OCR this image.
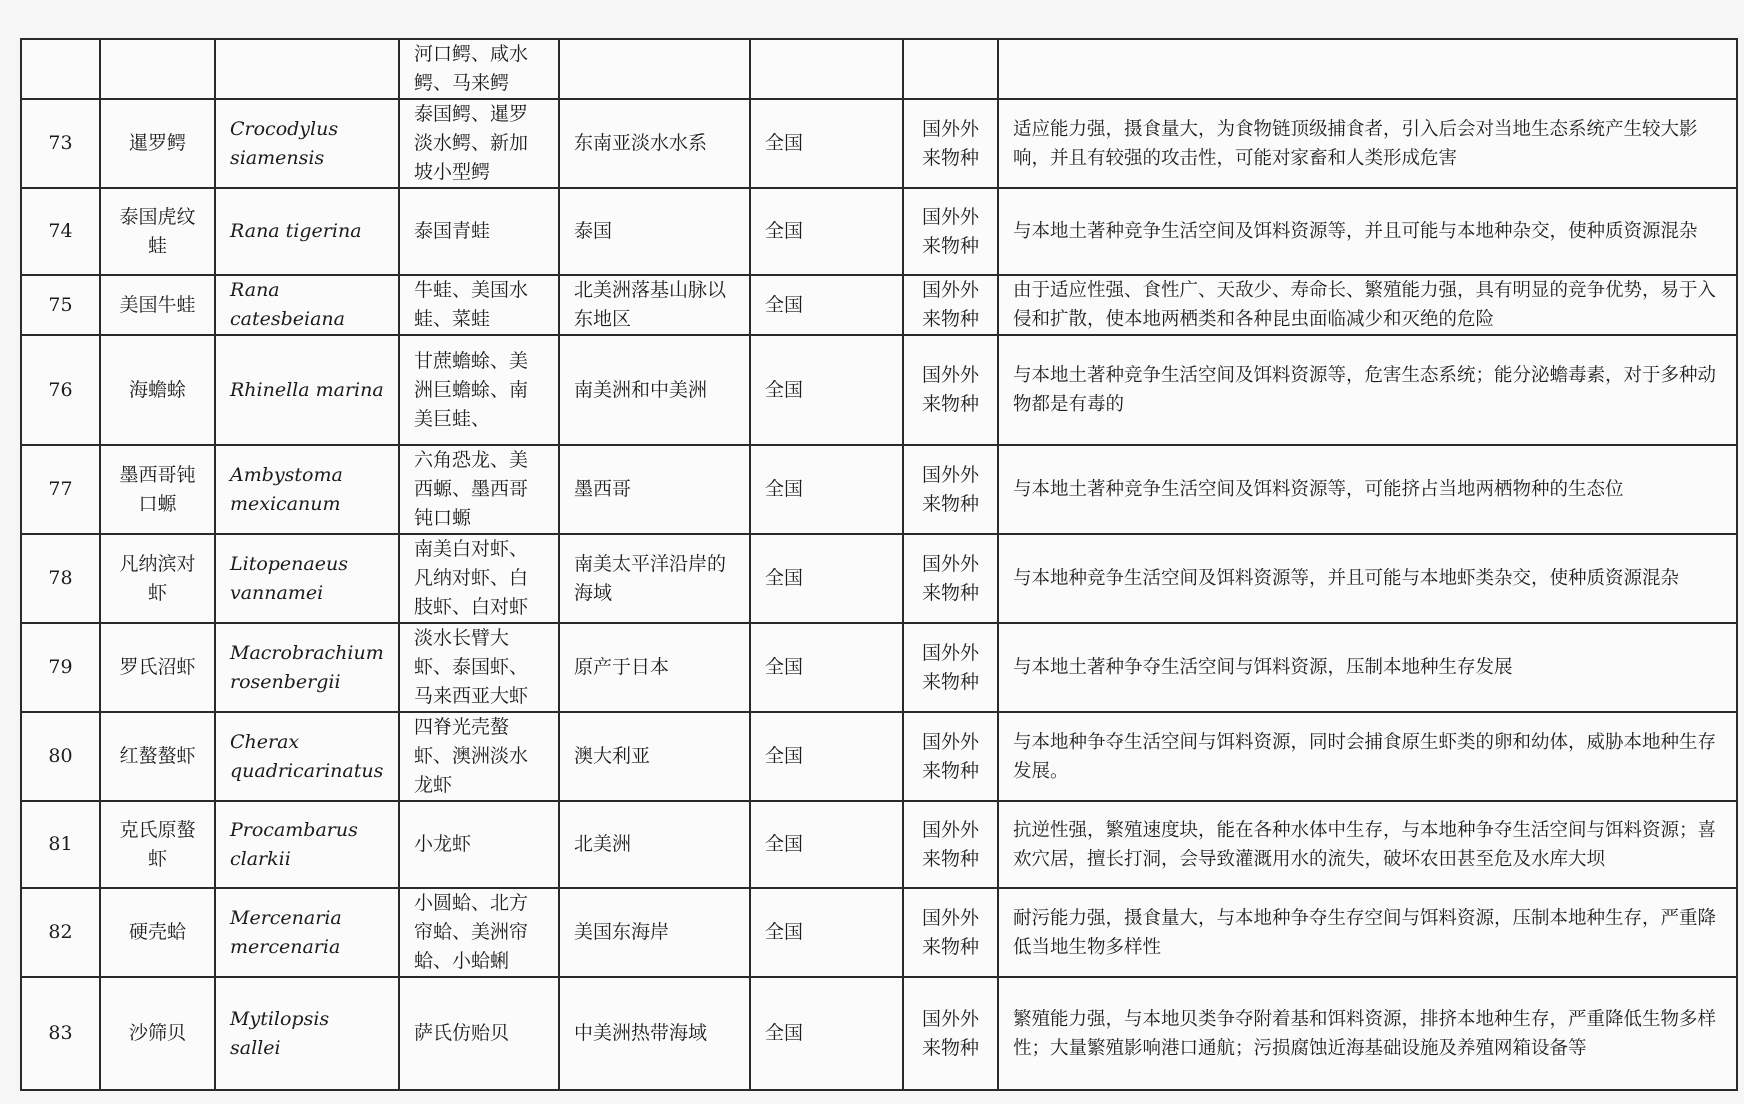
			河口鳄、咸水鳄、马来鳄				
73	暹罗鳄	Crocodylus siamensis	泰国鳄、暹罗淡水鳄、新加坡小型鳄	东南亚淡水水系	全国	国外外来物种	适应能力强，摄食量大，为食物链顶级捕食者，引入后会对当地生态系统产生较大影响，并且有较强的攻击性，可能对家畜和人类形成危害
74	泰国虎纹蛙	Rana tigerina	泰国青蛙	泰国	全国	国外外来物种	与本地土著种竞争生活空间及饵料资源等，并且可能与本地种杂交，使种质资源混杂
75	美国牛蛙	Rana catesbeiana	牛蛙、美国水蛙、菜蛙	北美洲落基山脉以东地区	全国	国外外来物种	由于适应性强、食性广、天敌少、寿命长、繁殖能力强，具有明显的竞争优势，易于入侵和扩散，使本地两栖类和各种昆虫面临减少和灭绝的危险
76	海蟾蜍	Rhinella marina	甘蔗蟾蜍、美洲巨蟾蜍、南美巨蛙、	南美洲和中美洲	全国	国外外来物种	与本地土著种竞争生活空间及饵料资源等，危害生态系统；能分泌蟾毒素，对于多种动物都是有毒的
77	墨西哥钝口螈	Ambystoma mexicanum	六角恐龙、美西螈、墨西哥钝口螈	墨西哥	全国	国外外来物种	与本地土著种竞争生活空间及饵料资源等，可能挤占当地两栖物种的生态位
78	凡纳滨对虾	Litopenaeus vannamei	南美白对虾、凡纳对虾、白肢虾、白对虾	南美太平洋沿岸的海域	全国	国外外来物种	与本地种竞争生活空间及饵料资源等，并且可能与本地虾类杂交，使种质资源混杂
79	罗氏沼虾	Macrobrachium rosenbergii	淡水长臂大虾、泰国虾、马来西亚大虾	原产于日本	全国	国外外来物种	与本地土著种争夺生活空间与饵料资源，压制本地种生存发展
80	红螯螯虾	Cherax quadricarinatus	四脊光壳螯虾、澳洲淡水龙虾	澳大利亚	全国	国外外来物种	与本地种争夺生活空间与饵料资源，同时会捕食原生虾类的卵和幼体，威胁本地种生存发展。
81	克氏原螯虾	Procambarus clarkii	小龙虾	北美洲	全国	国外外来物种	抗逆性强，繁殖速度块，能在各种水体中生存，与本地种争夺生活空间与饵料资源；喜欢穴居，擅长打洞，会导致灌溉用水的流失，破坏农田甚至危及水库大坝
82	硬壳蛤	Mercenaria mercenaria	小圆蛤、北方帘蛤、美洲帘蛤、小蛤蜊	美国东海岸	全国	国外外来物种	耐污能力强，摄食量大，与本地种争夺生存空间与饵料资源，压制本地种生存，严重降低当地生物多样性
83	沙筛贝	Mytilopsis sallei	萨氏仿贻贝	中美洲热带海域	全国	国外外来物种	繁殖能力强，与本地贝类争夺附着基和饵料资源，排挤本地种生存，严重降低生物多样性；大量繁殖影响港口通航；污损腐蚀近海基础设施及养殖网箱设备等
